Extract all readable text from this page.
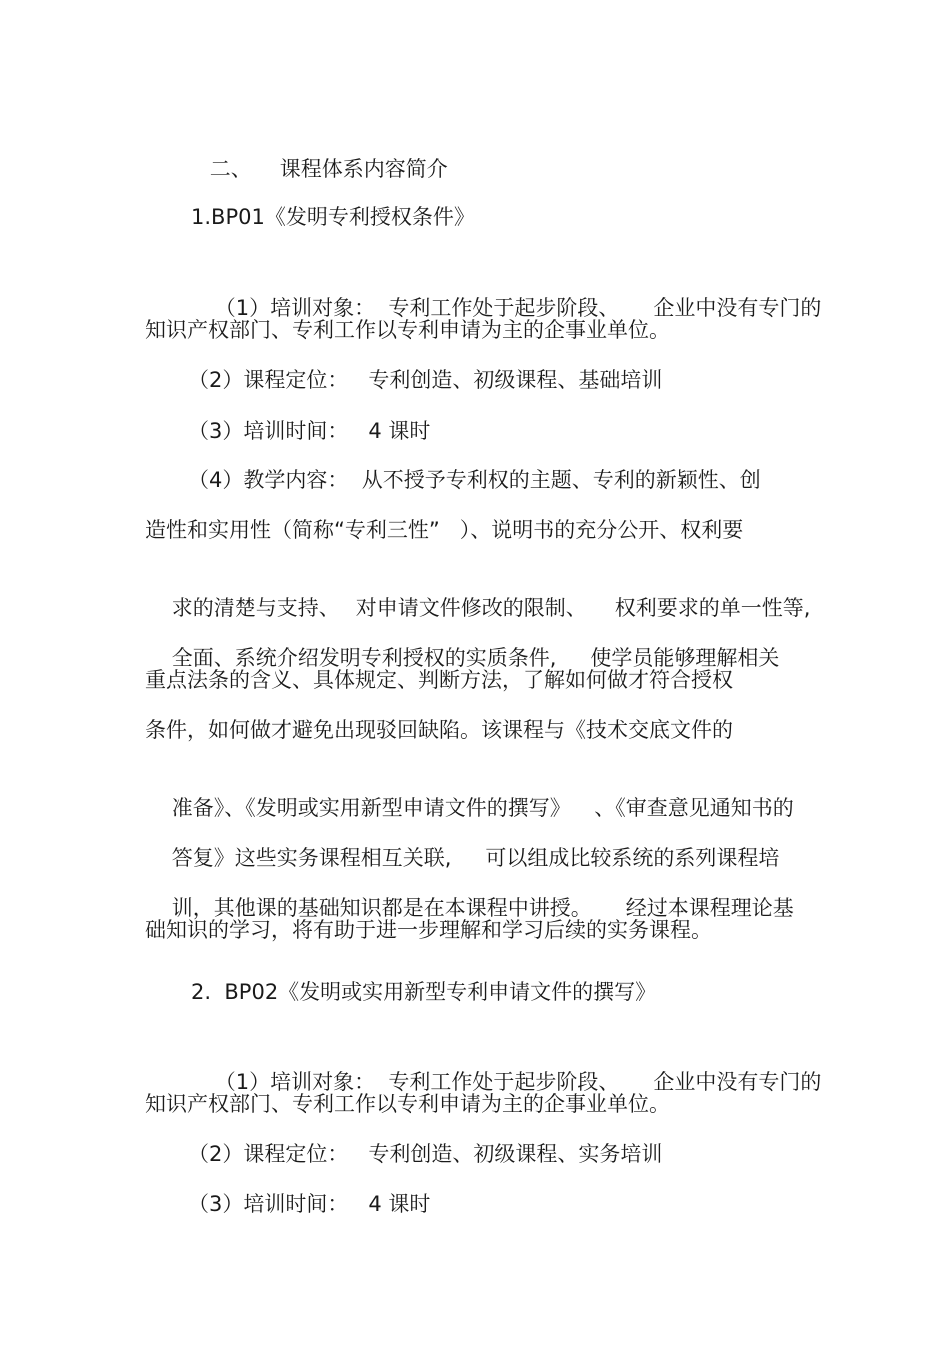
二、 课程体系内容简介

1.BP01《发明专利授权条件》

（1）培训对象：  专利工作处于起步阶段、 企业中没有专门的

知识产权部门、专利工作以专利申请为主的企事业单位。
（2）课程定位：   专利创造、初级课程、基础培训
（3）培训时间：   4 课时
（4）教学内容：  从不授予专利权的主题、专利的新颖性、创
造性和实用性（简称“专利三性”   ）、说明书的充分公开、权利要

求的清楚与支持、 对申请文件修改的限制、 权利要求的单一性等,

全面、系统介绍发明专利授权的实质条件, 使学员能够理解相关

重点法条的含义、具体规定、判断方法，了解如何做才符合授权
条件，如何做才避免出现驳回缺陷。该课程与《技术交底文件的

准备》、《发明或实用新型申请文件的撰写》 、《审查意见通知书的

答复》这些实务课程相互关联, 可以组成比较系统的系列课程培

训，其他课的基础知识都是在本课程中讲授。 经过本课程理论基

础知识的学习，将有助于进一步理解和学习后续的实务课程。
2.  BP02《发明或实用新型专利申请文件的撰写》

（1）培训对象：  专利工作处于起步阶段、 企业中没有专门的

知识产权部门、专利工作以专利申请为主的企事业单位。
（2）课程定位：   专利创造、初级课程、实务培训
（3）培训时间：   4 课时
